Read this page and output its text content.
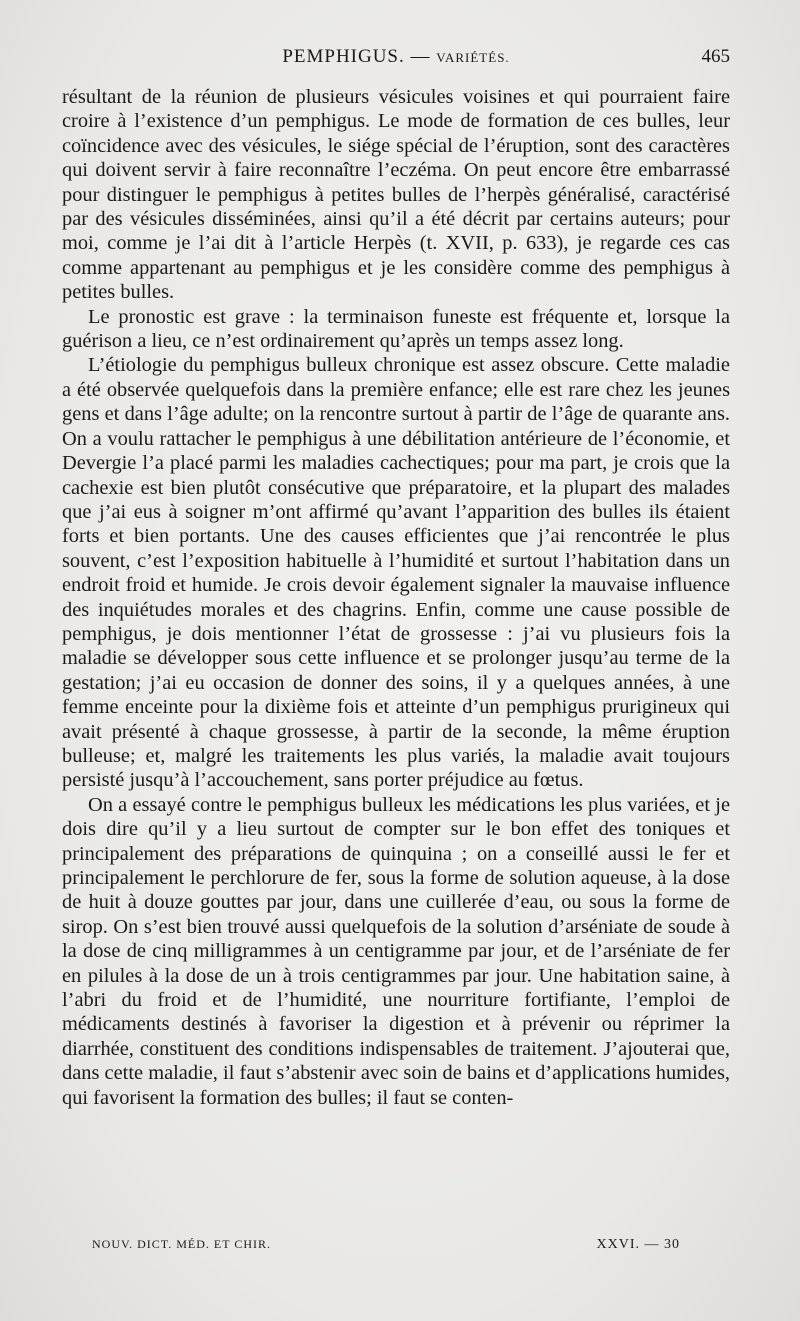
PEMPHIGUS. — VARIÉTÉS.	465

résultant de la réunion de plusieurs vésicules voisines et qui pourraient faire croire à l’existence d’un pemphigus. Le mode de formation de ces bulles, leur coïncidence avec des vésicules, le siége spécial de l’éruption, sont des caractères qui doivent servir à faire reconnaître l’eczéma. On peut encore être embarrassé pour distinguer le pemphigus à petites bulles de l’herpès généralisé, caractérisé par des vésicules disséminées, ainsi qu’il a été décrit par certains auteurs; pour moi, comme je l’ai dit à l’article Herpès (t. XVII, p. 633), je regarde ces cas comme appartenant au pemphigus et je les considère comme des pemphigus à petites bulles.

Le pronostic est grave : la terminaison funeste est fréquente et, lorsque la guérison a lieu, ce n’est ordinairement qu’après un temps assez long.

L’étiologie du pemphigus bulleux chronique est assez obscure. Cette maladie a été observée quelquefois dans la première enfance; elle est rare chez les jeunes gens et dans l’âge adulte; on la rencontre surtout à partir de l’âge de quarante ans. On a voulu rattacher le pemphigus à une débilitation antérieure de l’économie, et Devergie l’a placé parmi les maladies cachectiques; pour ma part, je crois que la cachexie est bien plutôt consécutive que préparatoire, et la plupart des malades que j’ai eus à soigner m’ont affirmé qu’avant l’apparition des bulles ils étaient forts et bien portants. Une des causes efficientes que j’ai rencontrée le plus souvent, c’est l’exposition habituelle à l’humidité et surtout l’habitation dans un endroit froid et humide. Je crois devoir également signaler la mauvaise influence des inquiétudes morales et des chagrins. Enfin, comme une cause possible de pemphigus, je dois mentionner l’état de grossesse : j’ai vu plusieurs fois la maladie se développer sous cette influence et se prolonger jusqu’au terme de la gestation; j’ai eu occasion de donner des soins, il y a quelques années, à une femme enceinte pour la dixième fois et atteinte d’un pemphigus prurigineux qui avait présenté à chaque grossesse, à partir de la seconde, la même éruption bulleuse; et, malgré les traitements les plus variés, la maladie avait toujours persisté jusqu’à l’accouchement, sans porter préjudice au fœtus.

On a essayé contre le pemphigus bulleux les médications les plus variées, et je dois dire qu’il y a lieu surtout de compter sur le bon effet des toniques et principalement des préparations de quinquina ; on a conseillé aussi le fer et principalement le perchlorure de fer, sous la forme de solution aqueuse, à la dose de huit à douze gouttes par jour, dans une cuillerée d’eau, ou sous la forme de sirop. On s’est bien trouvé aussi quelquefois de la solution d’arséniate de soude à la dose de cinq milligrammes à un centigramme par jour, et de l’arséniate de fer en pilules à la dose de un à trois centigrammes par jour. Une habitation saine, à l’abri du froid et de l’humidité, une nourriture fortifiante, l’emploi de médicaments destinés à favoriser la digestion et à prévenir ou réprimer la diarrhée, constituent des conditions indispensables de traitement. J’ajouterai que, dans cette maladie, il faut s’abstenir avec soin de bains et d’applications humides, qui favorisent la formation des bulles; il faut se conten-

NOUV. DICT. MÉD. ET CHIR.	XXVI. — 30
